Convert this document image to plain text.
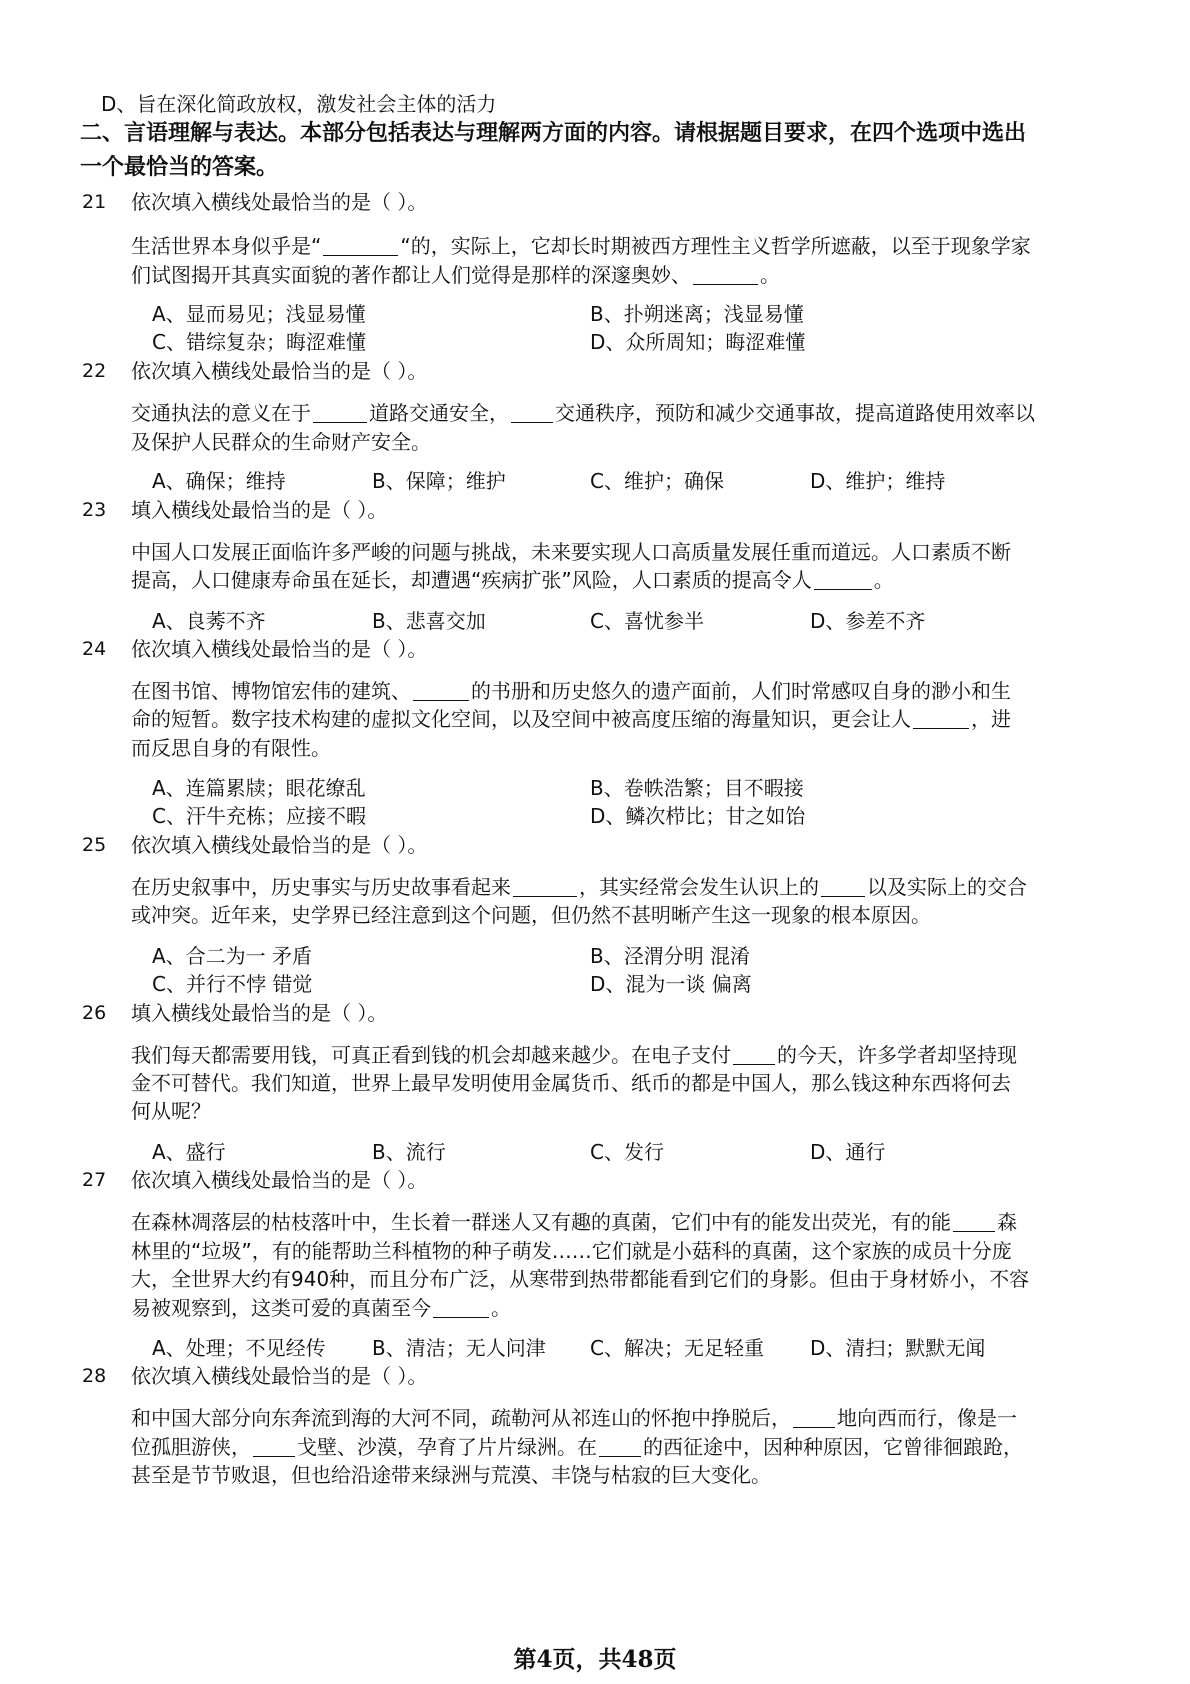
D、旨在深化简政放权，激发社会主体的活力
二、言语理解与表达。本部分包括表达与理解两方面的内容。请根据题目要求，在四个选项中选出
一个最恰当的答案。
第4页，共48页
21 依次填入横线处最恰当的是（ ）。
生活世界本身似乎是“	“的，实际上，它却长时期被西方理性主义哲学所遮蔽，以至于现象学家
们试图揭开其真实面貌的著作都让人们觉得是那样的深邃奥妙、	。
A、显而易见；浅显易懂	B、扑朔迷离；浅显易懂
C、错综复杂；晦涩难懂	D、众所周知；晦涩难懂
22 依次填入横线处最恰当的是（ ）。
交通执法的意义在于	道路交通安全， 交通秩序，预防和减少交通事故，提高道路使用效率以
及保护人民群众的生命财产安全。
A、确保；维持	B、保障；维护	C、维护；确保	D、维护；维持
23 填入横线处最恰当的是（ ）。
中国人口发展正面临许多严峻的问题与挑战，未来要实现人口高质量发展任重而道远。人口素质不断
提高，人口健康寿命虽在延长，却遭遇“疾病扩张”风险，人口素质的提高令人	。
A、良莠不齐	B、悲喜交加	C、喜忧参半	D、参差不齐
24 依次填入横线处最恰当的是（ ）。
在图书馆、博物馆宏伟的建筑、	的书册和历史悠久的遗产面前，人们时常感叹自身的渺小和生
命的短暂。数字技术构建的虚拟文化空间，以及空间中被高度压缩的海量知识，更会让人	，进
而反思自身的有限性。
A、连篇累牍；眼花缭乱	B、卷帙浩繁；目不暇接
C、汗牛充栋；应接不暇	D、鳞次栉比；甘之如饴
25 依次填入横线处最恰当的是（ ）。
在历史叙事中，历史事实与历史故事看起来	，其实经常会发生认识上的 以及实际上的交合
或冲突。近年来，史学界已经注意到这个问题，但仍然不甚明晰产生这一现象的根本原因。
A、合二为一 矛盾	B、泾渭分明 混淆
C、并行不悖 错觉	D、混为一谈 偏离
26 填入横线处最恰当的是（ ）。
我们每天都需要用钱，可真正看到钱的机会却越来越少。在电子支付 的今天，许多学者却坚持现
金不可替代。我们知道，世界上最早发明使用金属货币、纸币的都是中国人，那么钱这种东西将何去
何从呢？
A、盛行	B、流行	C、发行	D、通行
27 依次填入横线处最恰当的是（ ）。
在森林凋落层的枯枝落叶中，生长着一群迷人又有趣的真菌，它们中有的能发出荧光，有的能 森
林里的“垃圾”，有的能帮助兰科植物的种子萌发……它们就是小菇科的真菌，这个家族的成员十分庞
大，全世界大约有940种，而且分布广泛，从寒带到热带都能看到它们的身影。但由于身材娇小，不容
易被观察到，这类可爱的真菌至今	。
A、处理；不见经传 B、清洁；无人问津 C、解决；无足轻重 D、清扫；默默无闻
28 依次填入横线处最恰当的是（ ）。
和中国大部分向东奔流到海的大河不同，疏勒河从祁连山的怀抱中挣脱后， 地向西而行，像是一
位孤胆游侠， 戈壁、沙漠，孕育了片片绿洲。在 的西征途中，因种种原因，它曾徘徊踉跄，
甚至是节节败退，但也给沿途带来绿洲与荒漠、丰饶与枯寂的巨大变化。
